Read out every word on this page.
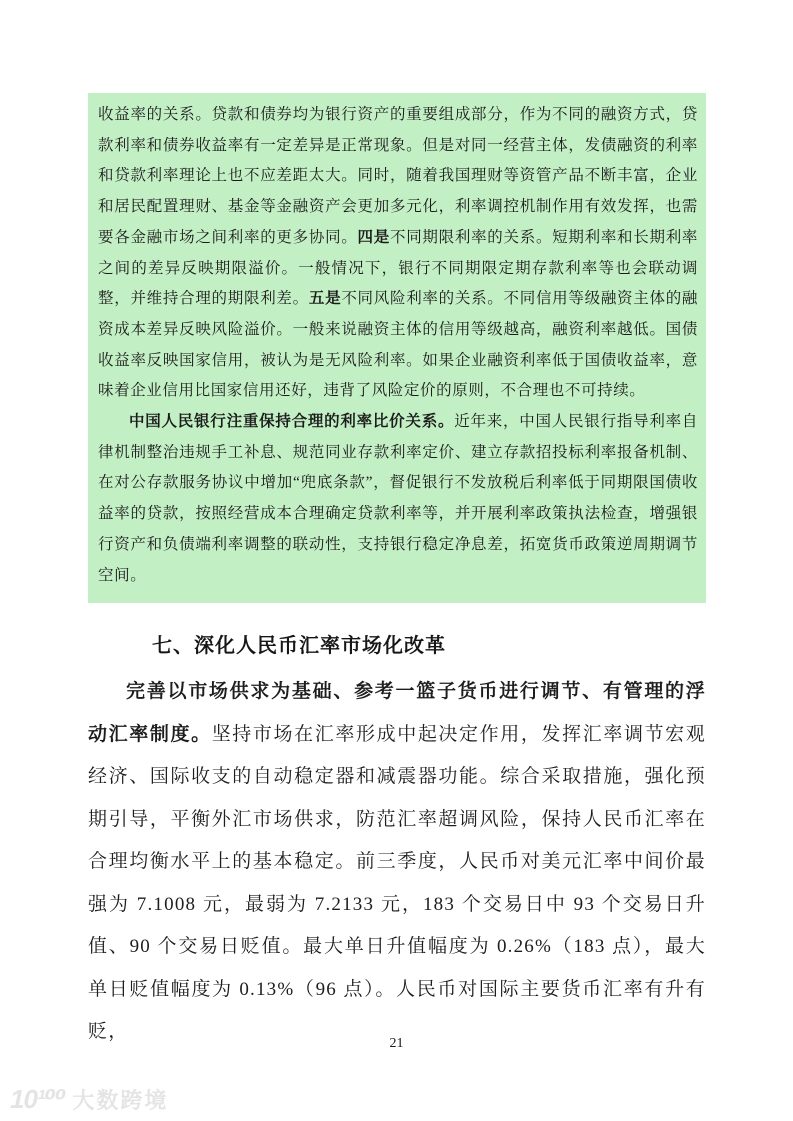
收益率的关系。贷款和债券均为银行资产的重要组成部分，作为不同的融资方式，贷款利率和债券收益率有一定差异是正常现象。但是对同一经营主体，发债融资的利率和贷款利率理论上也不应差距太大。同时，随着我国理财等资管产品不断丰富，企业和居民配置理财、基金等金融资产会更加多元化，利率调控机制作用有效发挥，也需要各金融市场之间利率的更多协同。四是不同期限利率的关系。短期利率和长期利率之间的差异反映期限溢价。一般情况下，银行不同期限定期存款利率等也会联动调整，并维持合理的期限利差。五是不同风险利率的关系。不同信用等级融资主体的融资成本差异反映风险溢价。一般来说融资主体的信用等级越高，融资利率越低。国债收益率反映国家信用，被认为是无风险利率。如果企业融资利率低于国债收益率，意味着企业信用比国家信用还好，违背了风险定价的原则，不合理也不可持续。

中国人民银行注重保持合理的利率比价关系。近年来，中国人民银行指导利率自律机制整治违规手工补息、规范同业存款利率定价、建立存款招投标利率报备机制、在对公存款服务协议中增加“兜底条款”，督促银行不发放税后利率低于同期限国债收益率的贷款，按照经营成本合理确定贷款利率等，并开展利率政策执法检查，增强银行资产和负债端利率调整的联动性，支持银行稳定净息差，拓宽货币政策逆周期调节空间。

七、深化人民币汇率市场化改革

完善以市场供求为基础、参考一篮子货币进行调节、有管理的浮动汇率制度。坚持市场在汇率形成中起决定作用，发挥汇率调节宏观经济、国际收支的自动稳定器和减震器功能。综合采取措施，强化预期引导，平衡外汇市场供求，防范汇率超调风险，保持人民币汇率在合理均衡水平上的基本稳定。前三季度，人民币对美元汇率中间价最强为 7.1008 元，最弱为 7.2133 元，183 个交易日中 93 个交易日升值、90 个交易日贬值。最大单日升值幅度为 0.26%（183 点），最大单日贬值幅度为 0.13%（96 点）。人民币对国际主要货币汇率有升有贬，

21
10¹⁰⁰ 大数跨境
